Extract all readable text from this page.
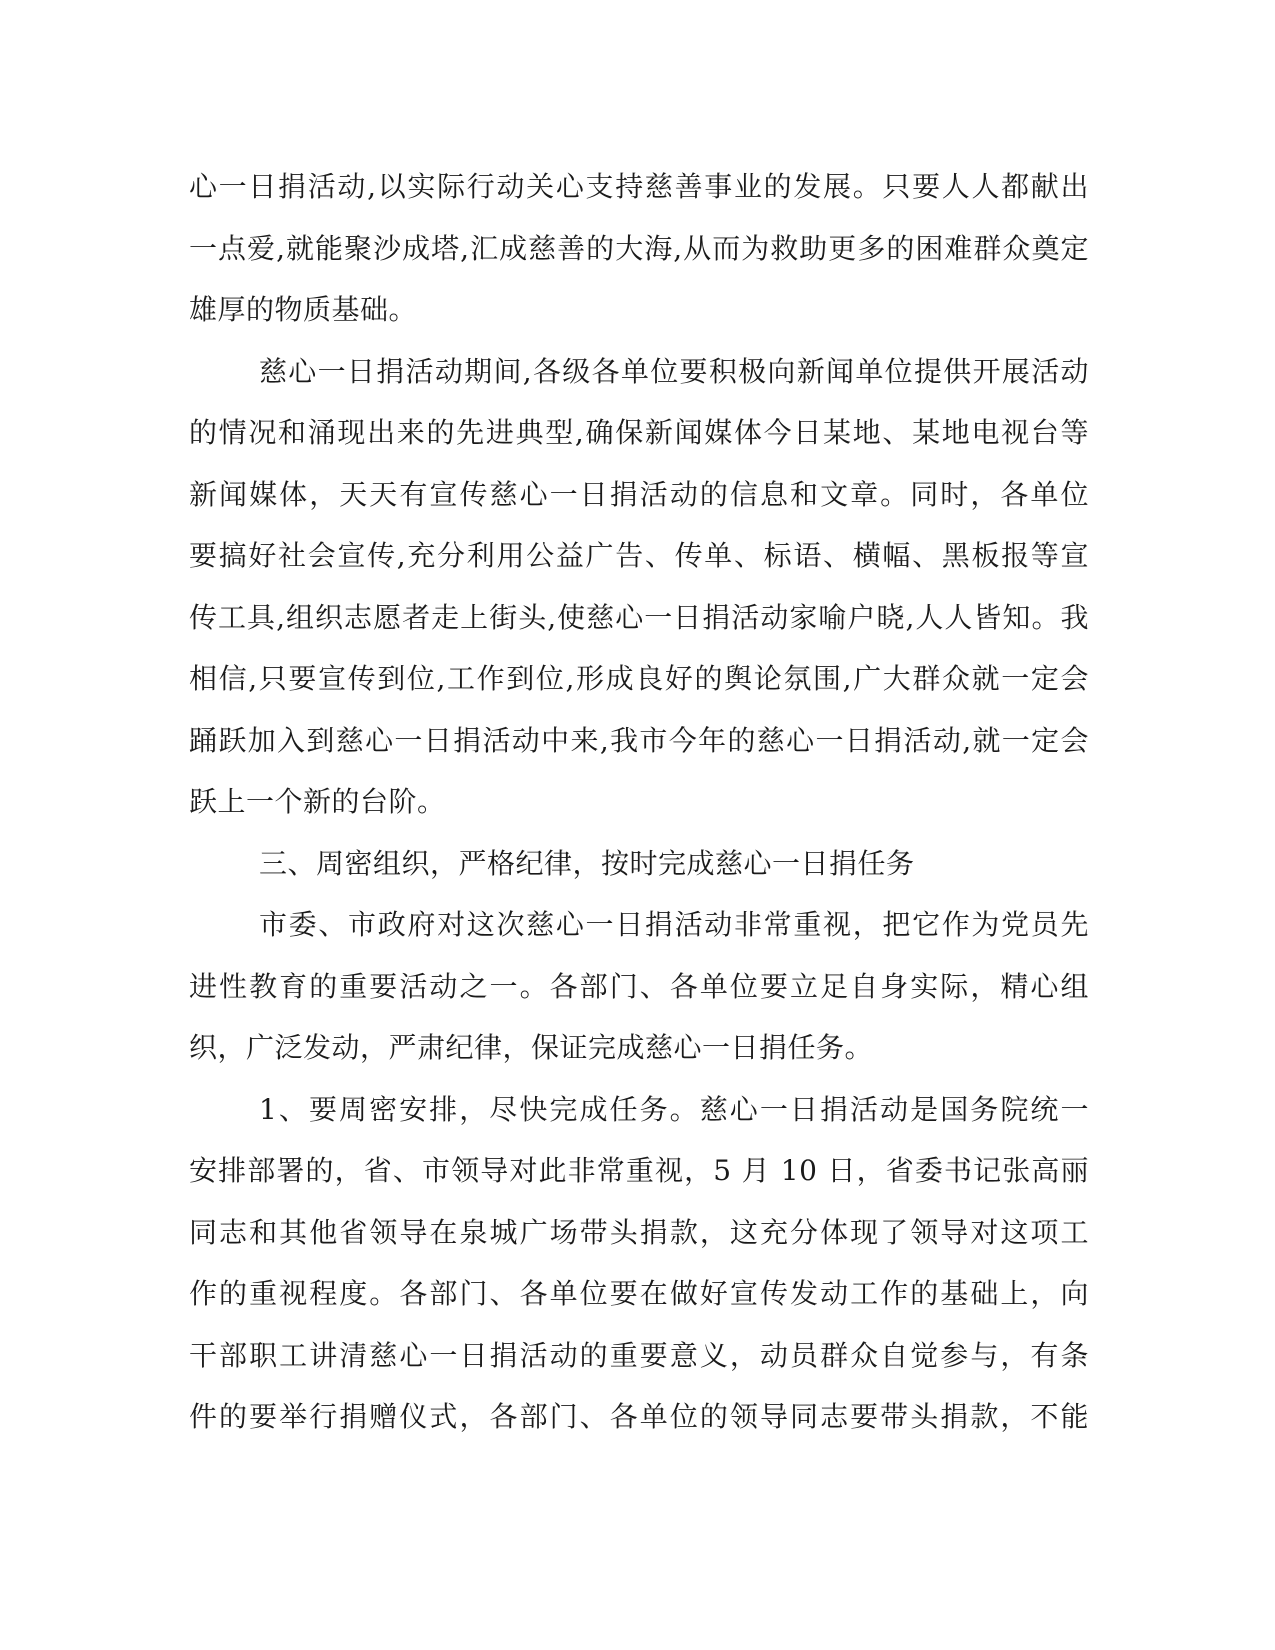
心一日捐活动,以实际行动关心支持慈善事业的发展。只要人人都献出
一点爱,就能聚沙成塔,汇成慈善的大海,从而为救助更多的困难群众奠定
雄厚的物质基础。
慈心一日捐活动期间,各级各单位要积极向新闻单位提供开展活动
的情况和涌现出来的先进典型,确保新闻媒体今日某地、某地电视台等
新闻媒体，天天有宣传慈心一日捐活动的信息和文章。同时，各单位
要搞好社会宣传,充分利用公益广告、传单、标语、横幅、黑板报等宣
传工具,组织志愿者走上街头,使慈心一日捐活动家喻户晓,人人皆知。我
相信,只要宣传到位,工作到位,形成良好的舆论氛围,广大群众就一定会
踊跃加入到慈心一日捐活动中来,我市今年的慈心一日捐活动,就一定会
跃上一个新的台阶。
三、周密组织，严格纪律，按时完成慈心一日捐任务
市委、市政府对这次慈心一日捐活动非常重视，把它作为党员先
进性教育的重要活动之一。各部门、各单位要立足自身实际，精心组
织，广泛发动，严肃纪律，保证完成慈心一日捐任务。
1、要周密安排，尽快完成任务。慈心一日捐活动是国务院统一
安排部署的，省、市领导对此非常重视，5 月 10 日，省委书记张高丽
同志和其他省领导在泉城广场带头捐款，这充分体现了领导对这项工
作的重视程度。各部门、各单位要在做好宣传发动工作的基础上，向
干部职工讲清慈心一日捐活动的重要意义，动员群众自觉参与，有条
件的要举行捐赠仪式，各部门、各单位的领导同志要带头捐款，不能
